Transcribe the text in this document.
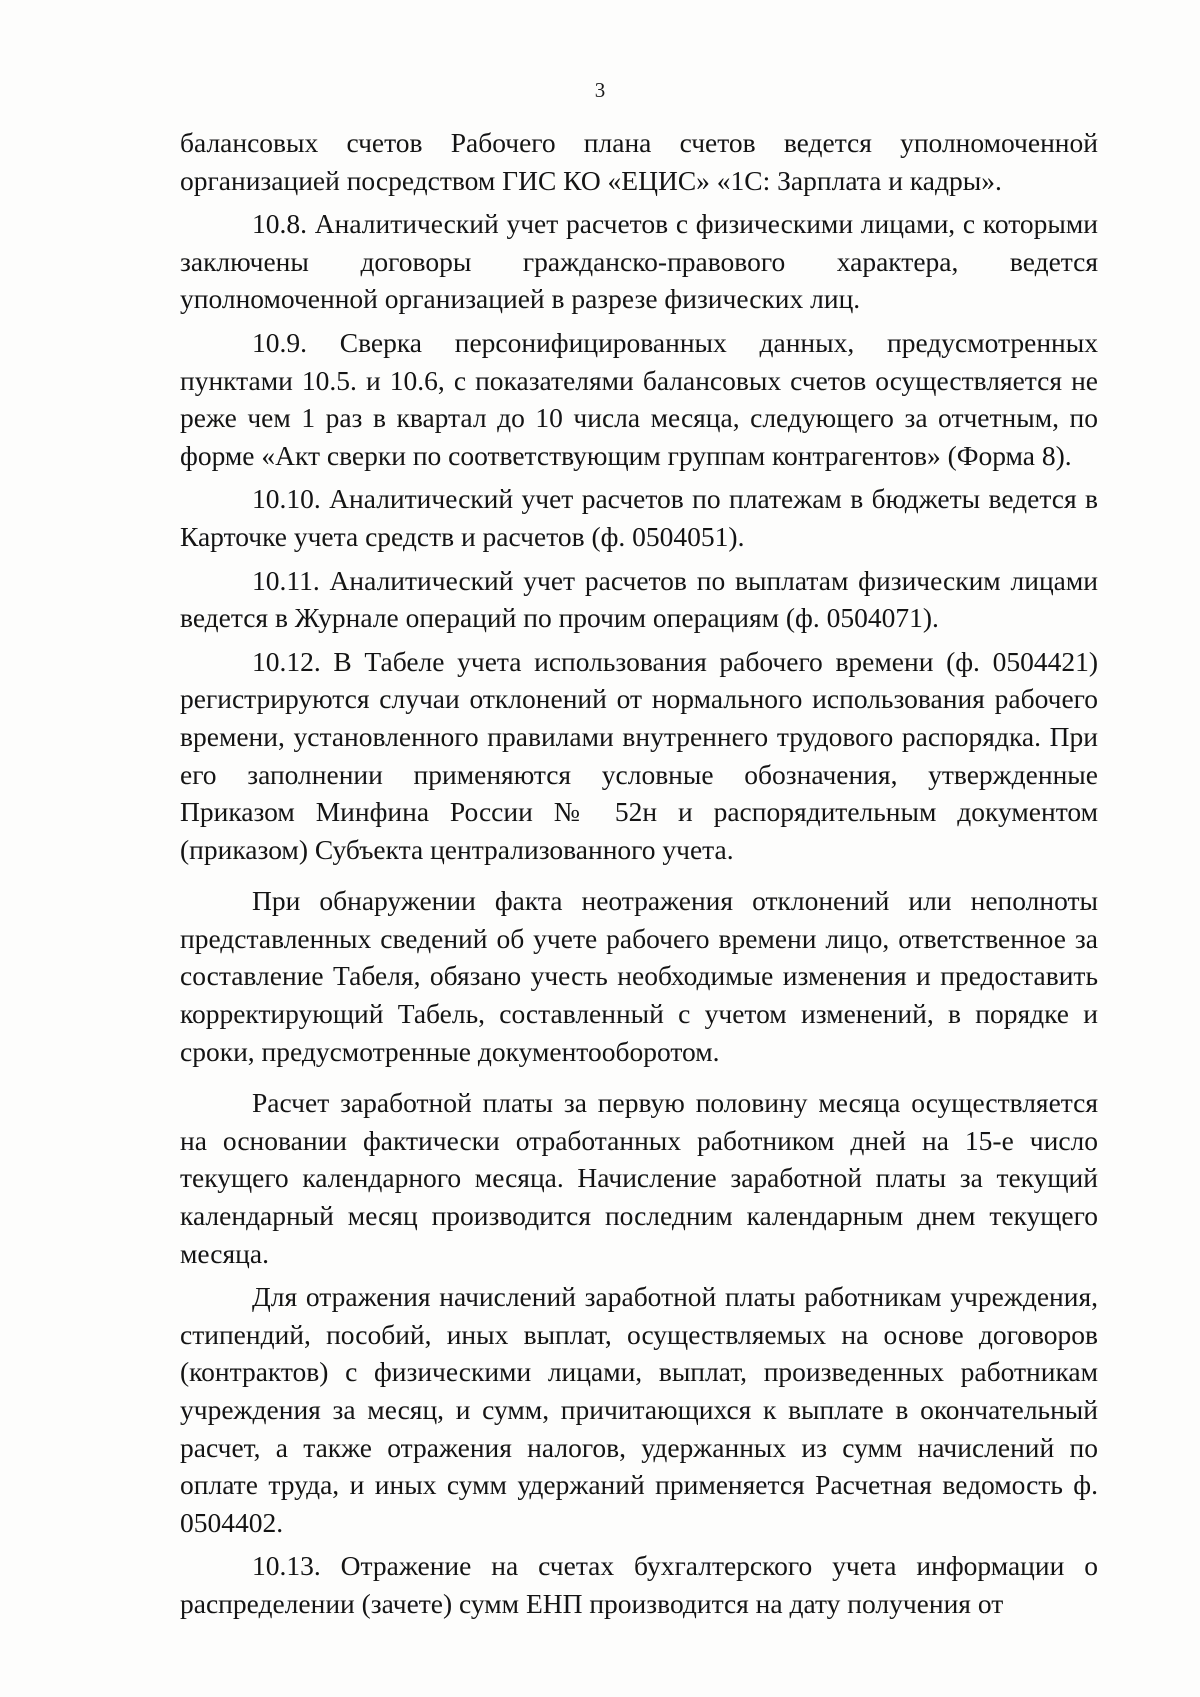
3

балансовых счетов Рабочего плана счетов ведется уполномоченной организацией посредством ГИС КО «ЕЦИС» «1С: Зарплата и кадры».

10.8. Аналитический учет расчетов с физическими лицами, с которыми заключены договоры гражданско-правового характера, ведется уполномоченной организацией в разрезе физических лиц.

10.9. Сверка персонифицированных данных, предусмотренных пунктами 10.5. и 10.6, с показателями балансовых счетов осуществляется не реже чем 1 раз в квартал до 10 числа месяца, следующего за отчетным, по форме «Акт сверки по соответствующим группам контрагентов» (Форма 8).

10.10. Аналитический учет расчетов по платежам в бюджеты ведется в Карточке учета средств и расчетов (ф. 0504051).

10.11. Аналитический учет расчетов по выплатам физическим лицами ведется в Журнале операций по прочим операциям (ф. 0504071).

10.12. В Табеле учета использования рабочего времени (ф. 0504421) регистрируются случаи отклонений от нормального использования рабочего времени, установленного правилами внутреннего трудового распорядка. При его заполнении применяются условные обозначения, утвержденные Приказом Минфина России № 52н и распорядительным документом (приказом) Субъекта централизованного учета.

При обнаружении факта неотражения отклонений или неполноты представленных сведений об учете рабочего времени лицо, ответственное за составление Табеля, обязано учесть необходимые изменения и предоставить корректирующий Табель, составленный с учетом изменений, в порядке и сроки, предусмотренные документооборотом.

Расчет заработной платы за первую половину месяца осуществляется на основании фактически отработанных работником дней на 15-е число текущего календарного месяца. Начисление заработной платы за текущий календарный месяц производится последним календарным днем текущего месяца.

Для отражения начислений заработной платы работникам учреждения, стипендий, пособий, иных выплат, осуществляемых на основе договоров (контрактов) с физическими лицами, выплат, произведенных работникам учреждения за месяц, и сумм, причитающихся к выплате в окончательный расчет, а также отражения налогов, удержанных из сумм начислений по оплате труда, и иных сумм удержаний применяется Расчетная ведомость ф. 0504402.

10.13. Отражение на счетах бухгалтерского учета информации о распределении (зачете) сумм ЕНП производится на дату получения от
